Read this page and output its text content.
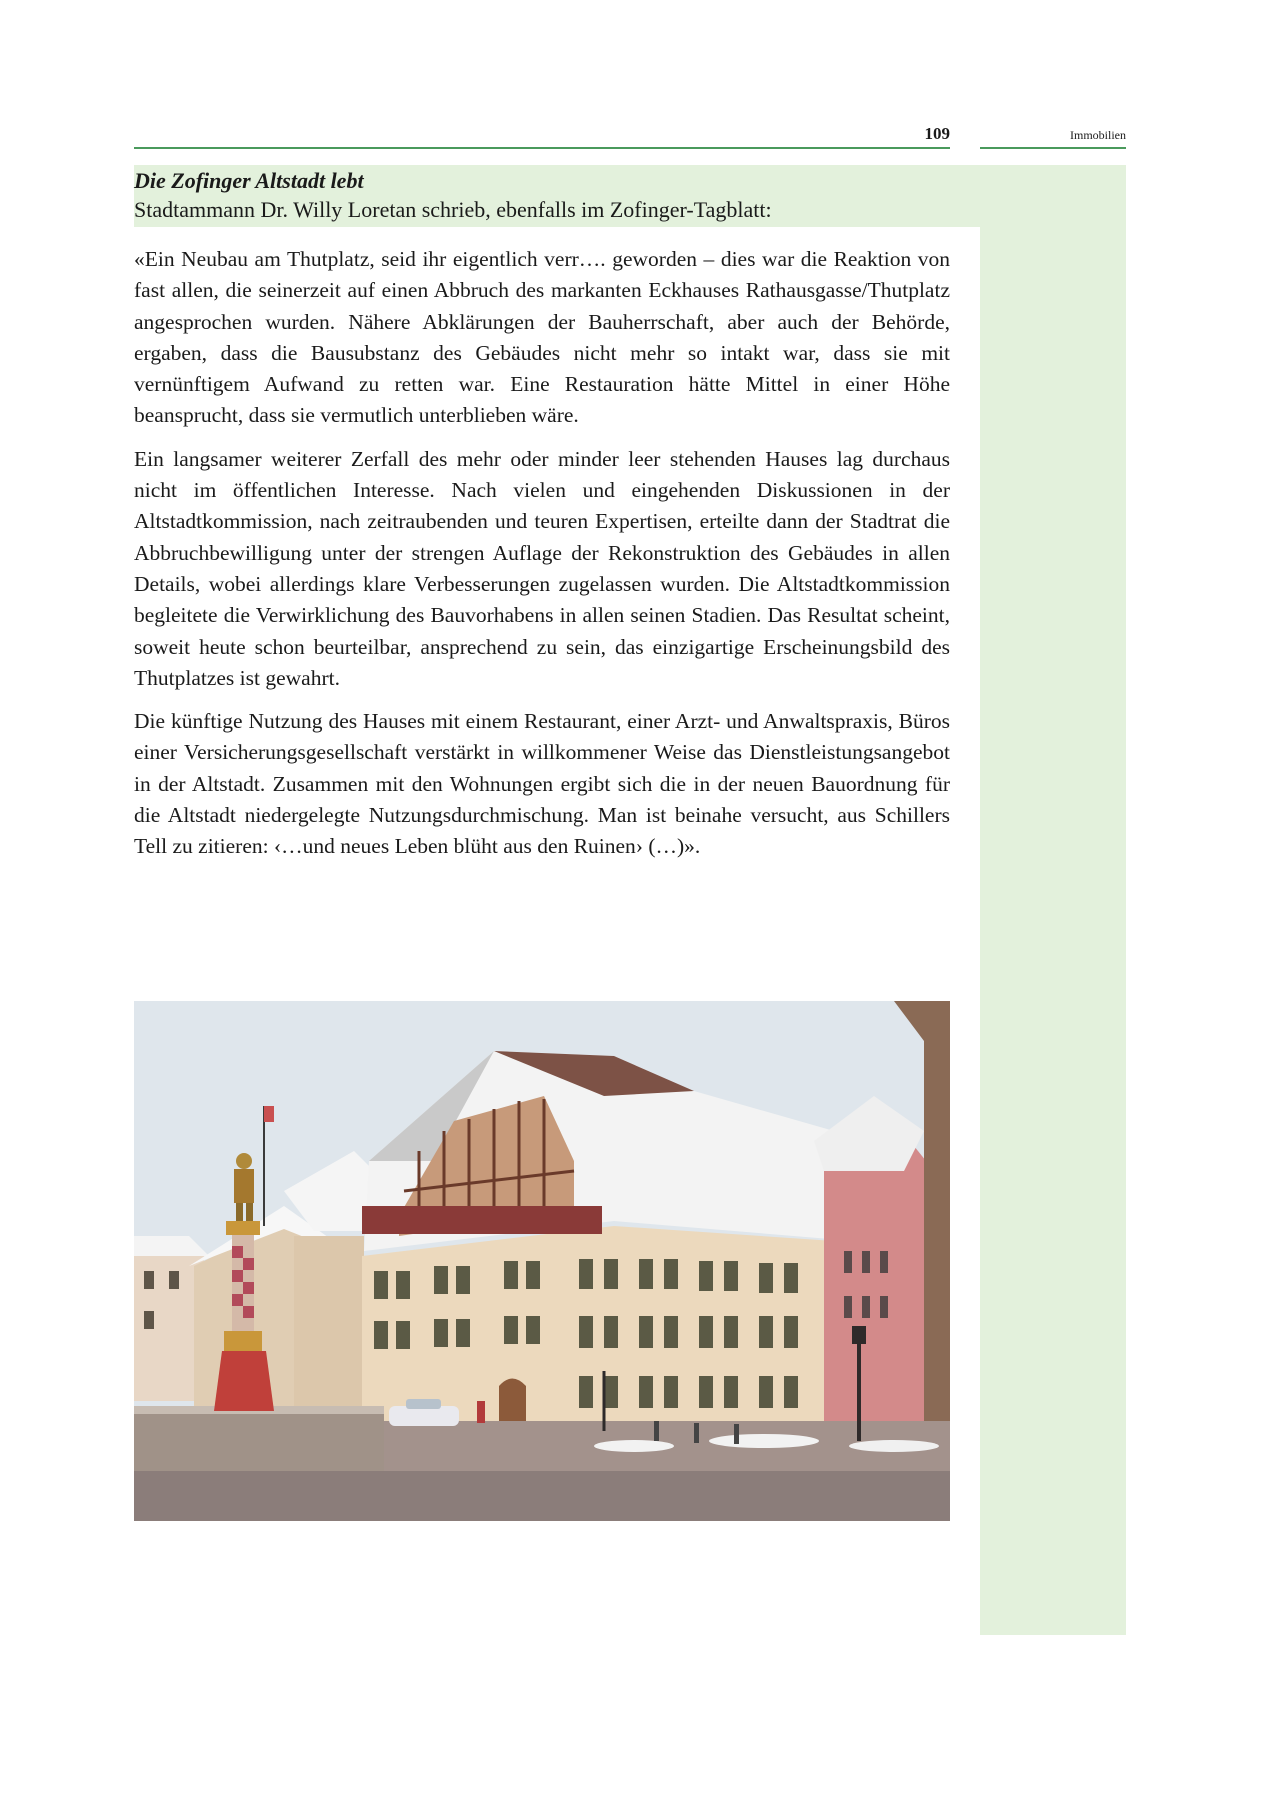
109	Immobilien
Die Zofinger Altstadt lebt
Stadtammann Dr. Willy Loretan schrieb, ebenfalls im Zofinger-Tagblatt:

«Ein Neubau am Thutplatz, seid ihr eigentlich verr…. geworden – dies war die Reaktion von fast allen, die seinerzeit auf einen Abbruch des markanten Eckhauses Rathausgasse/Thutplatz angesprochen wurden. Nähere Abklärungen der Bauherrschaft, aber auch der Behörde, ergaben, dass die Bausubstanz des Gebäudes nicht mehr so intakt war, dass sie mit vernünftigem Aufwand zu retten war. Eine Restauration hätte Mittel in einer Höhe beansprucht, dass sie vermutlich unterblieben wäre.

Ein langsamer weiterer Zerfall des mehr oder minder leer stehenden Hauses lag durchaus nicht im öffentlichen Interesse. Nach vielen und eingehenden Diskussionen in der Altstadtkommission, nach zeitraubenden und teuren Expertisen, erteilte dann der Stadtrat die Abbruchbewilligung unter der strengen Auflage der Rekonstruktion des Gebäudes in allen Details, wobei allerdings klare Verbesserungen zugelassen wurden. Die Altstadtkommission begleitete die Verwirklichung des Bauvorhabens in allen seinen Stadien. Das Resultat scheint, soweit heute schon beurteilbar, ansprechend zu sein, das einzigartige Erscheinungsbild des Thutplatzes ist gewahrt.

Die künftige Nutzung des Hauses mit einem Restaurant, einer Arzt- und Anwaltspraxis, Büros einer Versicherungsgesellschaft verstärkt in willkommener Weise das Dienstleistungsangebot in der Altstadt. Zusammen mit den Wohnungen ergibt sich die in der neuen Bauordnung für die Altstadt niedergelegte Nutzungsdurchmischung. Man ist beinahe versucht, aus Schillers Tell zu zitieren: ‹…und neues Leben blüht aus den Ruinen› (…)».
